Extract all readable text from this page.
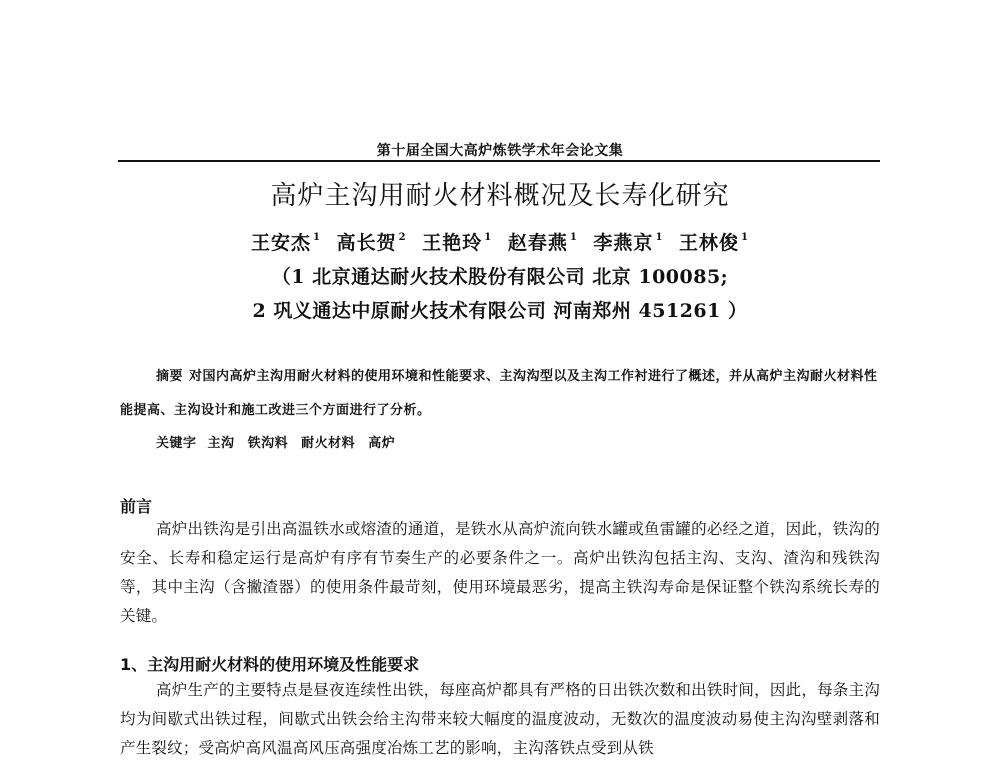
第十届全国大高炉炼铁学术年会论文集
高炉主沟用耐火材料概况及长寿化研究
王安杰 $^1$ 高长贺 $^2$ 王艳玲 $^1$ 赵春燕 $^1$ 李燕京 $^1$ 王林俊 $^1$
（1 北京通达耐火技术股份有限公司 北京 100085;
2 巩义通达中原耐火技术有限公司 河南郑州 451261 ）
摘要 对国内高炉主沟用耐火材料的使用环境和性能要求、主沟沟型以及主沟工作衬进行了概述，并从高炉主沟耐火材料性能提高、主沟设计和施工改进三个方面进行了分析。
关键字 主沟 铁沟料 耐火材料 高炉
前言
高炉出铁沟是引出高温铁水或熔渣的通道，是铁水从高炉流向铁水罐或鱼雷罐的必经之道，因此，铁沟的安全、长寿和稳定运行是高炉有序有节奏生产的必要条件之一。高炉出铁沟包括主沟、支沟、渣沟和残铁沟等，其中主沟（含撇渣器）的使用条件最苛刻，使用环境最恶劣，提高主铁沟寿命是保证整个铁沟系统长寿的关键。
1、主沟用耐火材料的使用环境及性能要求
高炉生产的主要特点是昼夜连续性出铁，每座高炉都具有严格的日出铁次数和出铁时间，因此，每条主沟均为间歇式出铁过程，间歇式出铁会给主沟带来较大幅度的温度波动，无数次的温度波动易使主沟沟壁剥落和产生裂纹；受高炉高风温高风压高强度冶炼工艺的影响，主沟落铁点受到从铁
